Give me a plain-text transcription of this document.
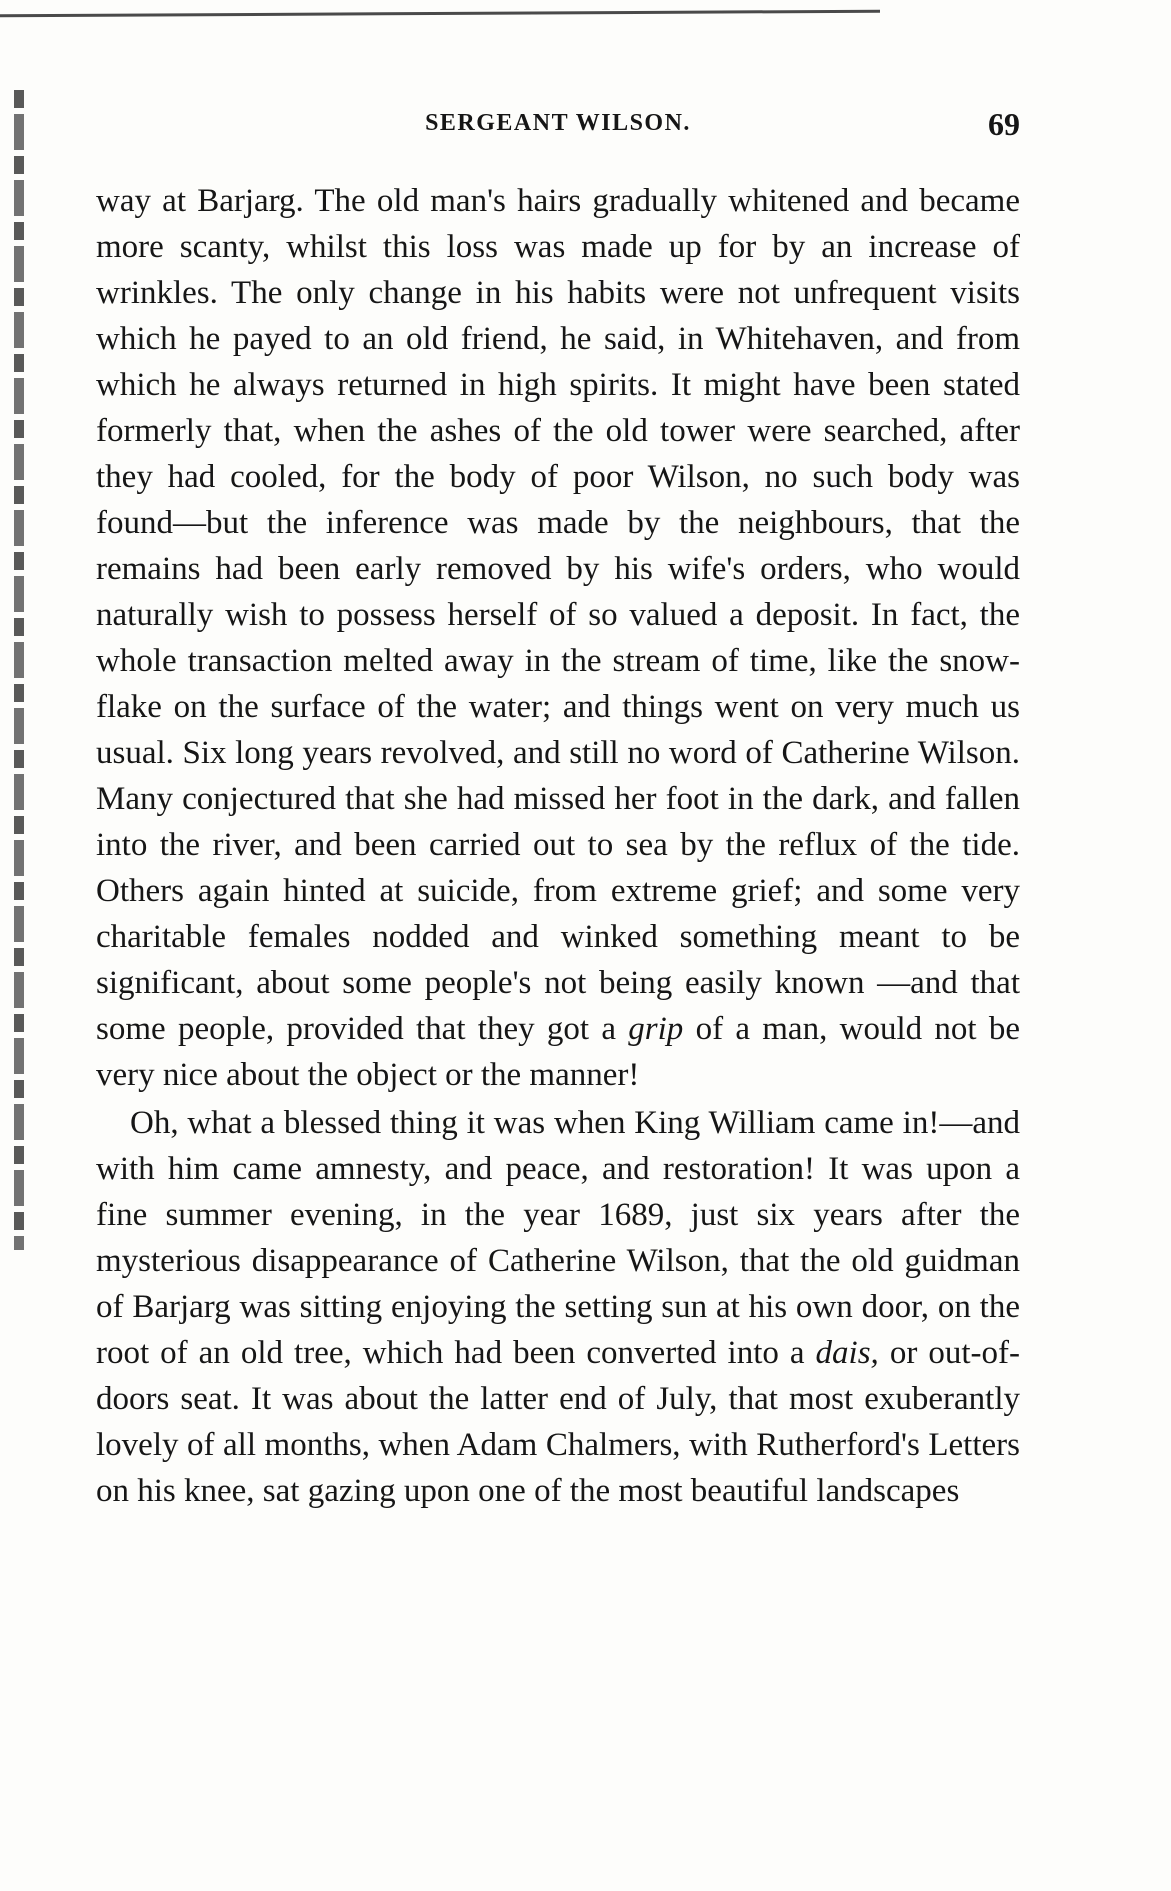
SERGEANT WILSON.	69

way at Barjarg. The old man's hairs gradually whitened and became more scanty, whilst this loss was made up for by an increase of wrinkles. The only change in his habits were not unfrequent visits which he payed to an old friend, he said, in Whitehaven, and from which he always returned in high spirits. It might have been stated formerly that, when the ashes of the old tower were searched, after they had cooled, for the body of poor Wilson, no such body was found—but the inference was made by the neighbours, that the remains had been early removed by his wife's orders, who would naturally wish to possess herself of so valued a deposit. In fact, the whole transaction melted away in the stream of time, like the snow-flake on the surface of the water; and things went on very much us usual. Six long years revolved, and still no word of Catherine Wilson. Many conjectured that she had missed her foot in the dark, and fallen into the river, and been carried out to sea by the reflux of the tide. Others again hinted at suicide, from extreme grief; and some very charitable females nodded and winked something meant to be significant, about some people's not being easily known —and that some people, provided that they got a grip of a man, would not be very nice about the object or the manner!

Oh, what a blessed thing it was when King William came in!—and with him came amnesty, and peace, and restoration! It was upon a fine summer evening, in the year 1689, just six years after the mysterious disappearance of Catherine Wilson, that the old guidman of Barjarg was sitting enjoying the setting sun at his own door, on the root of an old tree, which had been converted into a dais, or out-of-doors seat. It was about the latter end of July, that most exuberantly lovely of all months, when Adam Chalmers, with Rutherford's Letters on his knee, sat gazing upon one of the most beautiful landscapes
